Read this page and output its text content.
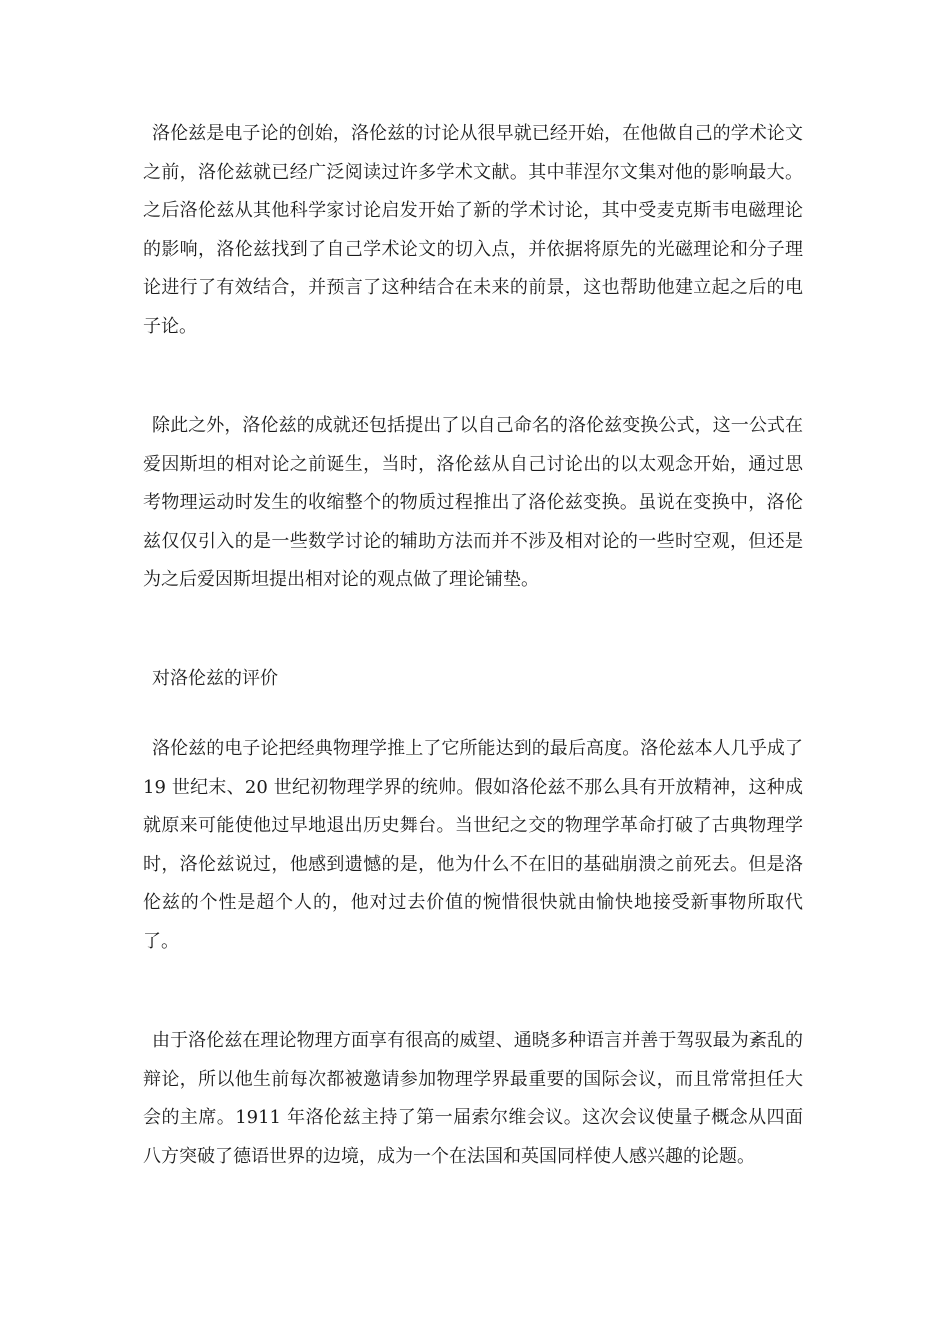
洛伦兹是电子论的创始，洛伦兹的讨论从很早就已经开始，在他做自己的学术论文之前，洛伦兹就已经广泛阅读过许多学术文献。其中菲涅尔文集对他的影响最大。之后洛伦兹从其他科学家讨论启发开始了新的学术讨论，其中受麦克斯韦电磁理论的影响，洛伦兹找到了自己学术论文的切入点，并依据将原先的光磁理论和分子理论进行了有效结合，并预言了这种结合在未来的前景，这也帮助他建立起之后的电子论。

除此之外，洛伦兹的成就还包括提出了以自己命名的洛伦兹变换公式，这一公式在爱因斯坦的相对论之前诞生，当时，洛伦兹从自己讨论出的以太观念开始，通过思考物理运动时发生的收缩整个的物质过程推出了洛伦兹变换。虽说在变换中，洛伦兹仅仅引入的是一些数学讨论的辅助方法而并不涉及相对论的一些时空观，但还是为之后爱因斯坦提出相对论的观点做了理论铺垫。

对洛伦兹的评价

洛伦兹的电子论把经典物理学推上了它所能达到的最后高度。洛伦兹本人几乎成了 19 世纪末、20 世纪初物理学界的统帅。假如洛伦兹不那么具有开放精神，这种成就原来可能使他过早地退出历史舞台。当世纪之交的物理学革命打破了古典物理学时，洛伦兹说过，他感到遗憾的是，他为什么不在旧的基础崩溃之前死去。但是洛伦兹的个性是超个人的，他对过去价值的惋惜很快就由愉快地接受新事物所取代了。

由于洛伦兹在理论物理方面享有很高的威望、通晓多种语言并善于驾驭最为紊乱的辩论，所以他生前每次都被邀请参加物理学界最重要的国际会议，而且常常担任大会的主席。1911 年洛伦兹主持了第一届索尔维会议。这次会议使量子概念从四面八方突破了德语世界的边境，成为一个在法国和英国同样使人感兴趣的论题。
